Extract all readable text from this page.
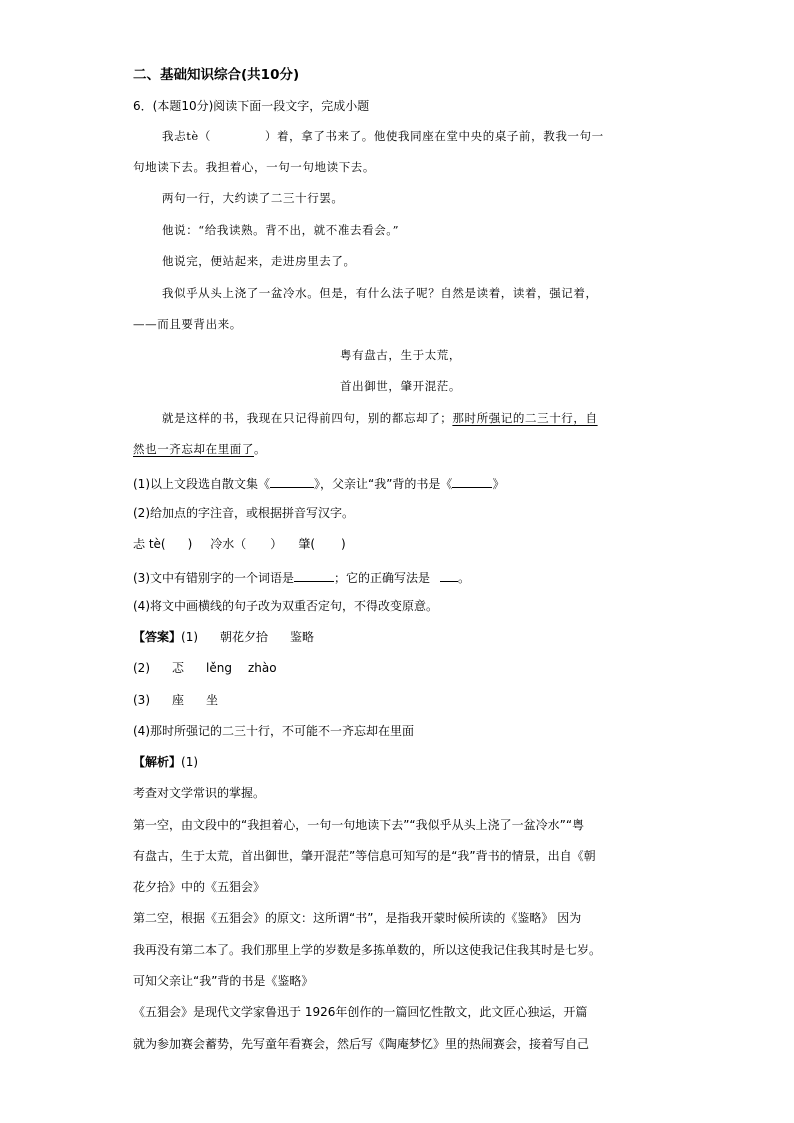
二、基础知识综合(共10分)
6．(本题10分)阅读下面一段文字，完成小题
我忐tè（	）着，拿了书来了。他使我同座在堂中央的桌子前，教我一句一
句地读下去。我担着心，一句一句地读下去。
两句一行，大约读了二三十行罢。
他说：“给我读熟。背不出，就不准去看会。”
他说完，便站起来，走进房里去了。
我似乎从头上浇了一盆冷水。但是，有什么法子呢？自然是读着，读着，强记着，
——而且要背出来。
粤有盘古，生于太荒，
首出御世，肇开混茫。
就是这样的书，我现在只记得前四句，别的都忘却了；那时所强记的二三十行，自
然也一齐忘却在里面了。
(1)以上文段选自散文集《	》，父亲让“我”背的书是《	》
(2)给加点的字注音，或根据拼音写汉字。
忐 tè( ) 冷水（ ） 肇( )
(3)文中有错别字的一个词语是	；它的正确写法是 。
(4)将文中画横线的句子改为双重否定句，不得改变原意。
【答案】(1) 朝花夕拾 鉴略
(2) 忑 lěng zhào
(3) 座 坐
(4)那时所强记的二三十行，不可能不一齐忘却在里面
【解析】(1)
考查对文学常识的掌握。
第一空，由文段中的“我担着心，一句一句地读下去”“我似乎从头上浇了一盆冷水”“粤
有盘古，生于太荒，首出御世，肇开混茫”等信息可知写的是“我”背书的情景，出自《朝
花夕拾》中的《五猖会》
第二空，根据《五猖会》的原文：这所谓“书”，是指我开蒙时候所读的《鉴略》 因为
我再没有第二本了。我们那里上学的岁数是多拣单数的，所以这使我记住我其时是七岁。
可知父亲让“我”背的书是《鉴略》
《五猖会》是现代文学家鲁迅于 1926年创作的一篇回忆性散文，此文匠心独运，开篇
就为参加赛会蓄势，先写童年看赛会，然后写《陶庵梦忆》里的热闹赛会，接着写自己
